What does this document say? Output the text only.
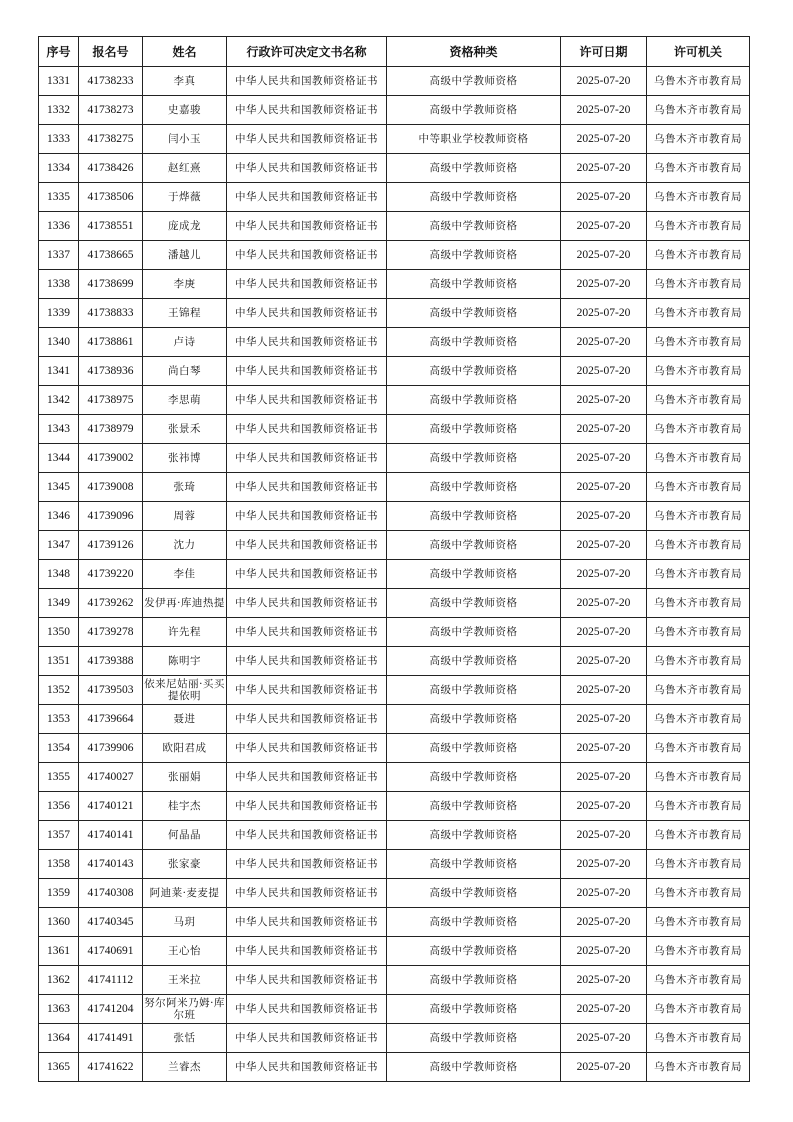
序号	报名号	姓名	行政许可决定文书名称	资格种类	许可日期	许可机关
1331	41738233	李真	中华人民共和国教师资格证书	高级中学教师资格	2025-07-20	乌鲁木齐市教育局
1332	41738273	史嘉骏	中华人民共和国教师资格证书	高级中学教师资格	2025-07-20	乌鲁木齐市教育局
1333	41738275	闫小玉	中华人民共和国教师资格证书	中等职业学校教师资格	2025-07-20	乌鲁木齐市教育局
1334	41738426	赵红熹	中华人民共和国教师资格证书	高级中学教师资格	2025-07-20	乌鲁木齐市教育局
1335	41738506	于烨薇	中华人民共和国教师资格证书	高级中学教师资格	2025-07-20	乌鲁木齐市教育局
1336	41738551	庞成龙	中华人民共和国教师资格证书	高级中学教师资格	2025-07-20	乌鲁木齐市教育局
1337	41738665	潘越儿	中华人民共和国教师资格证书	高级中学教师资格	2025-07-20	乌鲁木齐市教育局
1338	41738699	李庚	中华人民共和国教师资格证书	高级中学教师资格	2025-07-20	乌鲁木齐市教育局
1339	41738833	王锦程	中华人民共和国教师资格证书	高级中学教师资格	2025-07-20	乌鲁木齐市教育局
1340	41738861	卢诗	中华人民共和国教师资格证书	高级中学教师资格	2025-07-20	乌鲁木齐市教育局
1341	41738936	尚白琴	中华人民共和国教师资格证书	高级中学教师资格	2025-07-20	乌鲁木齐市教育局
1342	41738975	李思萌	中华人民共和国教师资格证书	高级中学教师资格	2025-07-20	乌鲁木齐市教育局
1343	41738979	张景禾	中华人民共和国教师资格证书	高级中学教师资格	2025-07-20	乌鲁木齐市教育局
1344	41739002	张祎博	中华人民共和国教师资格证书	高级中学教师资格	2025-07-20	乌鲁木齐市教育局
1345	41739008	张琦	中华人民共和国教师资格证书	高级中学教师资格	2025-07-20	乌鲁木齐市教育局
1346	41739096	周蓉	中华人民共和国教师资格证书	高级中学教师资格	2025-07-20	乌鲁木齐市教育局
1347	41739126	沈力	中华人民共和国教师资格证书	高级中学教师资格	2025-07-20	乌鲁木齐市教育局
1348	41739220	李佳	中华人民共和国教师资格证书	高级中学教师资格	2025-07-20	乌鲁木齐市教育局
1349	41739262	发伊再·库迪热提	中华人民共和国教师资格证书	高级中学教师资格	2025-07-20	乌鲁木齐市教育局
1350	41739278	许先程	中华人民共和国教师资格证书	高级中学教师资格	2025-07-20	乌鲁木齐市教育局
1351	41739388	陈明宇	中华人民共和国教师资格证书	高级中学教师资格	2025-07-20	乌鲁木齐市教育局
1352	41739503	依来尼姑丽·买买提依明	中华人民共和国教师资格证书	高级中学教师资格	2025-07-20	乌鲁木齐市教育局
1353	41739664	聂进	中华人民共和国教师资格证书	高级中学教师资格	2025-07-20	乌鲁木齐市教育局
1354	41739906	欧阳君成	中华人民共和国教师资格证书	高级中学教师资格	2025-07-20	乌鲁木齐市教育局
1355	41740027	张丽娟	中华人民共和国教师资格证书	高级中学教师资格	2025-07-20	乌鲁木齐市教育局
1356	41740121	桂宇杰	中华人民共和国教师资格证书	高级中学教师资格	2025-07-20	乌鲁木齐市教育局
1357	41740141	何晶晶	中华人民共和国教师资格证书	高级中学教师资格	2025-07-20	乌鲁木齐市教育局
1358	41740143	张家豪	中华人民共和国教师资格证书	高级中学教师资格	2025-07-20	乌鲁木齐市教育局
1359	41740308	阿迪莱·麦麦提	中华人民共和国教师资格证书	高级中学教师资格	2025-07-20	乌鲁木齐市教育局
1360	41740345	马玥	中华人民共和国教师资格证书	高级中学教师资格	2025-07-20	乌鲁木齐市教育局
1361	41740691	王心怡	中华人民共和国教师资格证书	高级中学教师资格	2025-07-20	乌鲁木齐市教育局
1362	41741112	王米拉	中华人民共和国教师资格证书	高级中学教师资格	2025-07-20	乌鲁木齐市教育局
1363	41741204	努尔阿米乃姆·库尔班	中华人民共和国教师资格证书	高级中学教师资格	2025-07-20	乌鲁木齐市教育局
1364	41741491	张恬	中华人民共和国教师资格证书	高级中学教师资格	2025-07-20	乌鲁木齐市教育局
1365	41741622	兰睿杰	中华人民共和国教师资格证书	高级中学教师资格	2025-07-20	乌鲁木齐市教育局
